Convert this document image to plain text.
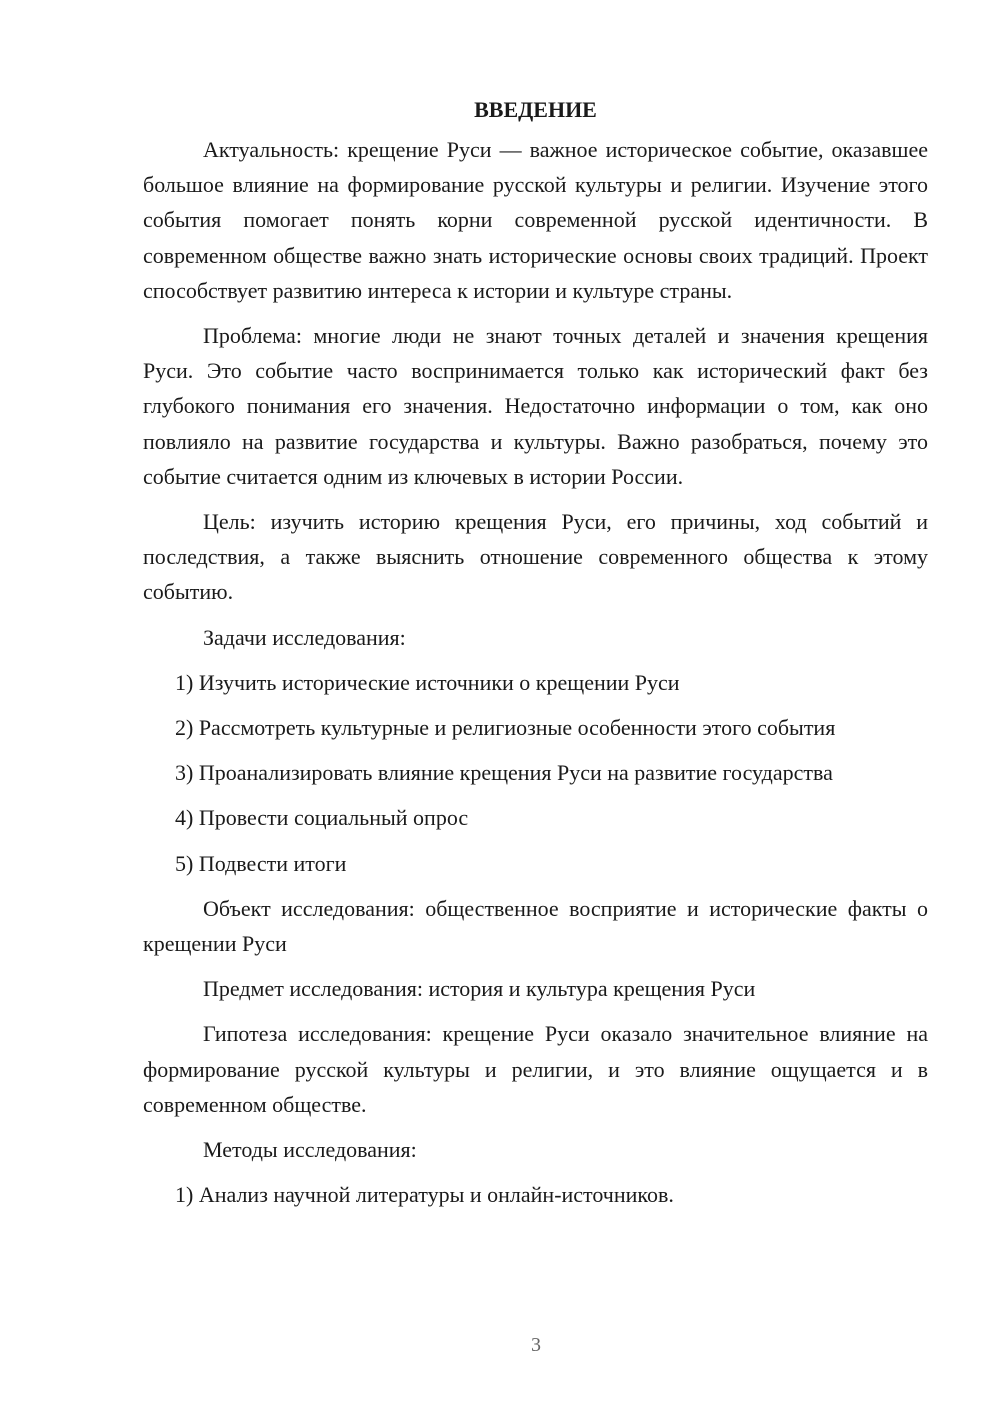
ВВЕДЕНИЕ

Актуальность: крещение Руси — важное историческое событие, оказавшее большое влияние на формирование русской культуры и религии. Изучение этого события помогает понять корни современной русской идентичности. В современном обществе важно знать исторические основы своих традиций. Проект способствует развитию интереса к истории и культуре страны.

Проблема: многие люди не знают точных деталей и значения крещения Руси. Это событие часто воспринимается только как исторический факт без глубокого понимания его значения. Недостаточно информации о том, как оно повлияло на развитие государства и культуры. Важно разобраться, почему это событие считается одним из ключевых в истории России.

Цель: изучить историю крещения Руси, его причины, ход событий и последствия, а также выяснить отношение современного общества к этому событию.

Задачи исследования:

1) Изучить исторические источники о крещении Руси

2) Рассмотреть культурные и религиозные особенности этого события

3) Проанализировать влияние крещения Руси на развитие государства

4) Провести социальный опрос

5) Подвести итоги

Объект исследования: общественное восприятие и исторические факты о крещении Руси

Предмет исследования: история и культура крещения Руси

Гипотеза исследования: крещение Руси оказало значительное влияние на формирование русской культуры и религии, и это влияние ощущается и в современном обществе.

Методы исследования:

1) Анализ научной литературы и онлайн-источников.

3
